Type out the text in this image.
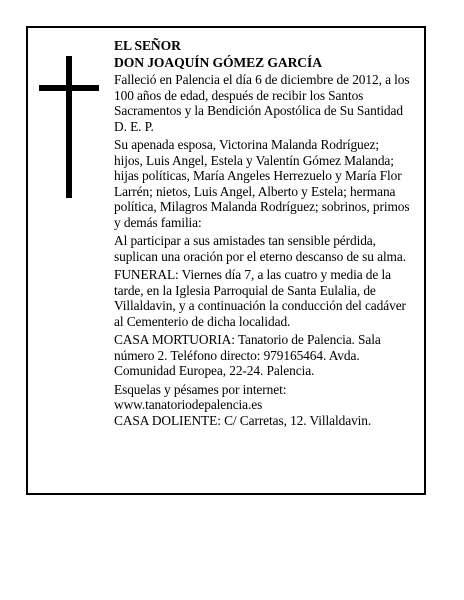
EL SEÑOR
DON JOAQUÍN GÓMEZ GARCÍA
Falleció en Palencia el día 6 de diciembre de 2012, a los
100 años de edad, después de recibir los Santos
Sacramentos y la Bendición Apostólica de Su Santidad
D. E. P.
Su apenada esposa, Victorina Malanda Rodríguez;
hijos, Luis Angel, Estela y Valentín Gómez Malanda;
hijas políticas, María Angeles Herrezuelo y María Flor
Larrén; nietos, Luis Angel, Alberto y Estela; hermana
política, Milagros Malanda Rodríguez; sobrinos, primos
y demás familia:
Al participar a sus amistades tan sensible pérdida,
suplican una oración por el eterno descanso de su alma.
FUNERAL: Viernes día 7, a las cuatro y media de la
tarde, en la Iglesia Parroquial de Santa Eulalia, de
Villaldavin, y a continuación la conducción del cadáver
al Cementerio de dicha localidad.
CASA MORTUORIA: Tanatorio de Palencia. Sala
número 2. Teléfono directo: 979165464. Avda.
Comunidad Europea, 22-24. Palencia.
Esquelas y pésames por internet:
www.tanatoriodepalencia.es
CASA DOLIENTE: C/ Carretas, 12. Villaldavin.
